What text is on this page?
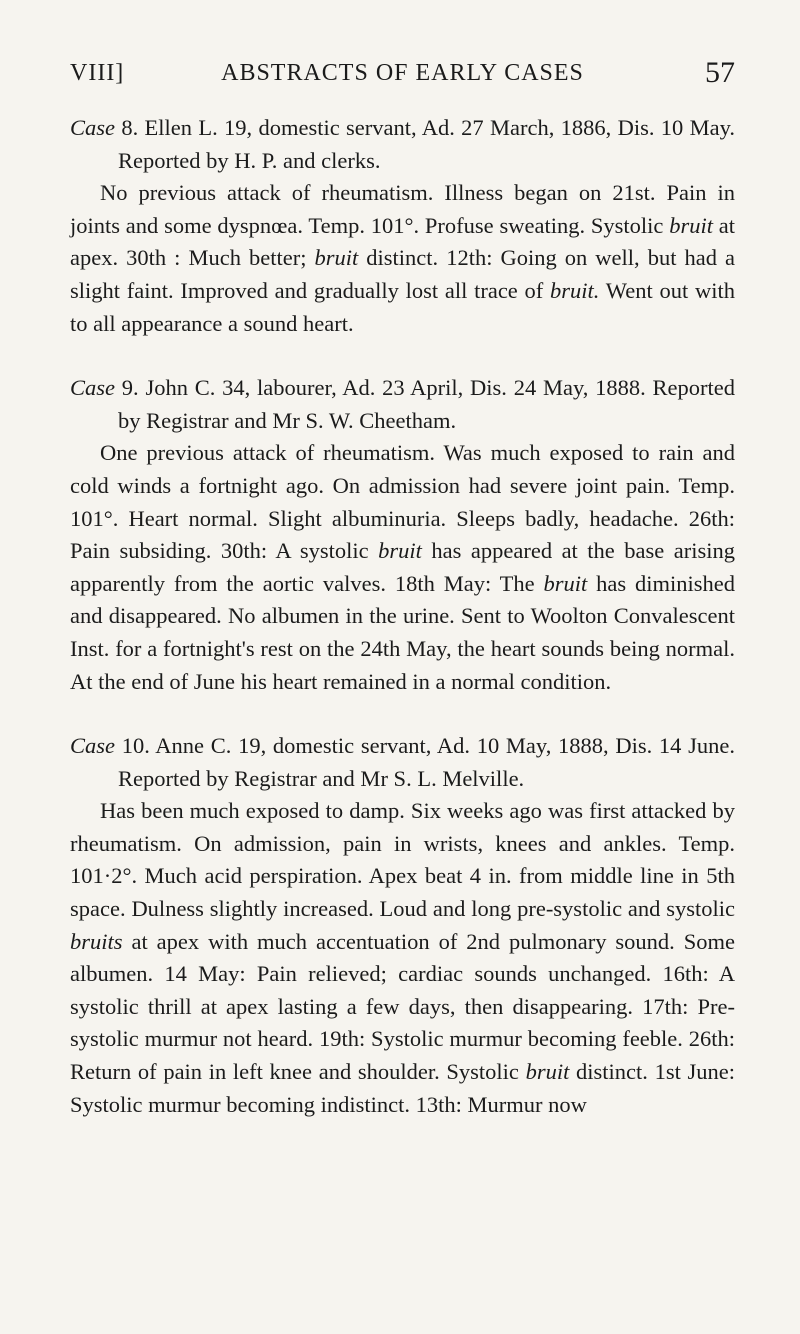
VIII]	ABSTRACTS OF EARLY CASES	57
Case 8. Ellen L. 19, domestic servant, Ad. 27 March, 1886, Dis. 10 May. Reported by H. P. and clerks.

No previous attack of rheumatism. Illness began on 21st. Pain in joints and some dyspnœa. Temp. 101°. Profuse sweating. Systolic bruit at apex. 30th : Much better; bruit distinct. 12th: Going on well, but had a slight faint. Improved and gradually lost all trace of bruit. Went out with to all appearance a sound heart.

Case 9. John C. 34, labourer, Ad. 23 April, Dis. 24 May, 1888. Reported by Registrar and Mr S. W. Cheetham.

One previous attack of rheumatism. Was much exposed to rain and cold winds a fortnight ago. On admission had severe joint pain. Temp. 101°. Heart normal. Slight albuminuria. Sleeps badly, headache. 26th: Pain subsiding. 30th: A systolic bruit has appeared at the base arising apparently from the aortic valves. 18th May: The bruit has diminished and disappeared. No albumen in the urine. Sent to Woolton Convalescent Inst. for a fortnight's rest on the 24th May, the heart sounds being normal. At the end of June his heart remained in a normal condition.

Case 10. Anne C. 19, domestic servant, Ad. 10 May, 1888, Dis. 14 June. Reported by Registrar and Mr S. L. Melville.

Has been much exposed to damp. Six weeks ago was first attacked by rheumatism. On admission, pain in wrists, knees and ankles. Temp. 101·2°. Much acid perspiration. Apex beat 4 in. from middle line in 5th space. Dulness slightly increased. Loud and long pre-systolic and systolic bruits at apex with much accentuation of 2nd pulmonary sound. Some albumen. 14 May: Pain relieved; cardiac sounds unchanged. 16th: A systolic thrill at apex lasting a few days, then disappearing. 17th: Pre-systolic murmur not heard. 19th: Systolic murmur becoming feeble. 26th: Return of pain in left knee and shoulder. Systolic bruit distinct. 1st June: Systolic murmur becoming indistinct. 13th: Murmur now
